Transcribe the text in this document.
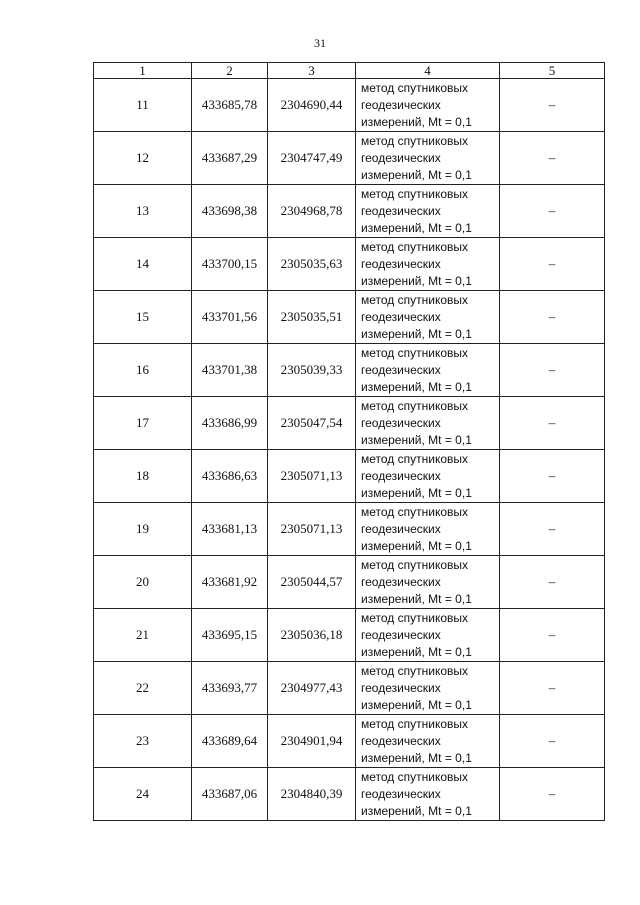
31
1	2	3	4	5
11	433685,78	2304690,44	метод спутниковых
геодезических
измерений, Mt = 0,1	–
12	433687,29	2304747,49	метод спутниковых
геодезических
измерений, Mt = 0,1	–
13	433698,38	2304968,78	метод спутниковых
геодезических
измерений, Mt = 0,1	–
14	433700,15	2305035,63	метод спутниковых
геодезических
измерений, Mt = 0,1	–
15	433701,56	2305035,51	метод спутниковых
геодезических
измерений, Mt = 0,1	–
16	433701,38	2305039,33	метод спутниковых
геодезических
измерений, Mt = 0,1	–
17	433686,99	2305047,54	метод спутниковых
геодезических
измерений, Mt = 0,1	–
18	433686,63	2305071,13	метод спутниковых
геодезических
измерений, Mt = 0,1	–
19	433681,13	2305071,13	метод спутниковых
геодезических
измерений, Mt = 0,1	–
20	433681,92	2305044,57	метод спутниковых
геодезических
измерений, Mt = 0,1	–
21	433695,15	2305036,18	метод спутниковых
геодезических
измерений, Mt = 0,1	–
22	433693,77	2304977,43	метод спутниковых
геодезических
измерений, Mt = 0,1	–
23	433689,64	2304901,94	метод спутниковых
геодезических
измерений, Mt = 0,1	–
24	433687,06	2304840,39	метод спутниковых
геодезических
измерений, Mt = 0,1	–
